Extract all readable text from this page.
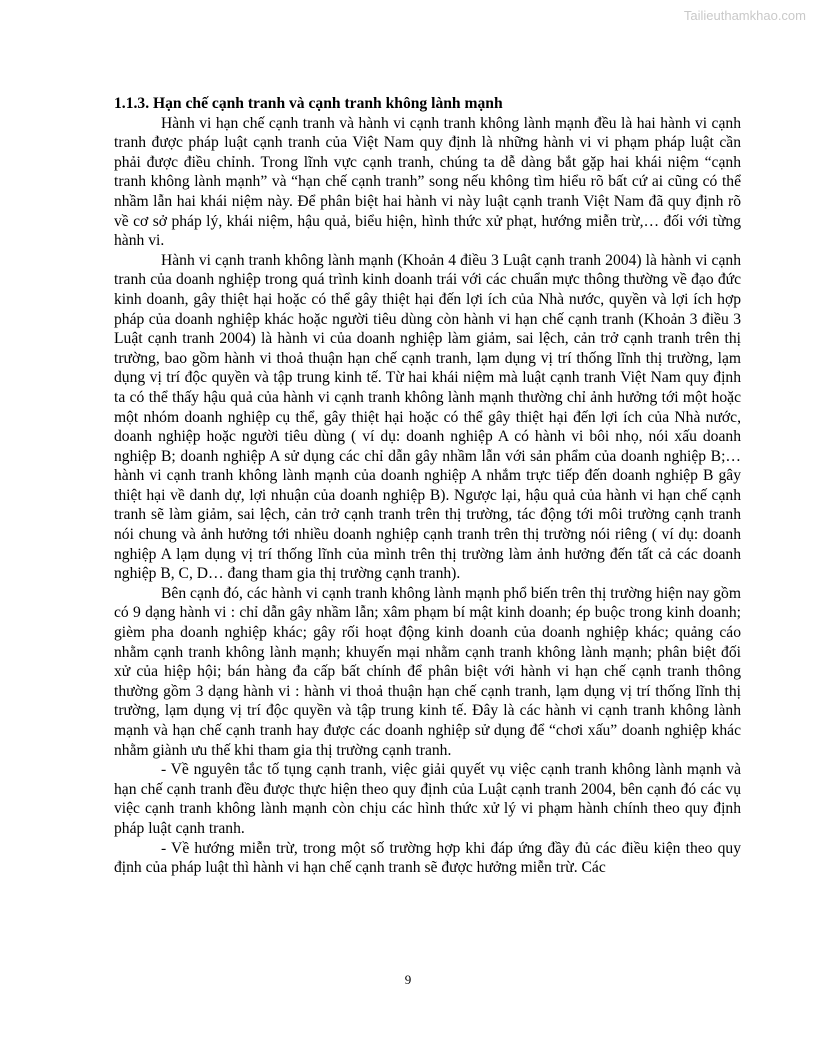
Tailieuthamkhao.com

1.1.3. Hạn chế cạnh tranh và cạnh tranh không lành mạnh

Hành vi hạn chế cạnh tranh và hành vi cạnh tranh không lành mạnh đều là hai hành vi cạnh tranh được pháp luật cạnh tranh của Việt Nam quy định là những hành vi vi phạm pháp luật cần phải được điều chỉnh. Trong lĩnh vực cạnh tranh, chúng ta dễ dàng bắt gặp hai khái niệm “cạnh tranh không lành mạnh” và “hạn chế cạnh tranh” song nếu không tìm hiểu rõ bất cứ ai cũng có thể nhầm lẫn hai khái niệm này. Để phân biệt hai hành vi này luật cạnh tranh Việt Nam đã quy định rõ về cơ sở pháp lý, khái niệm, hậu quả, biểu hiện, hình thức xử phạt, hướng miễn trừ,… đối với từng hành vi.

Hành vi cạnh tranh không lành mạnh (Khoản 4 điều 3 Luật cạnh tranh 2004) là hành vi cạnh tranh của doanh nghiệp trong quá trình kinh doanh trái với các chuẩn mực thông thường về đạo đức kinh doanh, gây thiệt hại hoặc có thể gây thiệt hại đến lợi ích của Nhà nước, quyền và lợi ích hợp pháp của doanh nghiệp khác hoặc người tiêu dùng còn hành vi hạn chế cạnh tranh (Khoản 3 điều 3 Luật cạnh tranh 2004) là hành vi của doanh nghiệp làm giảm, sai lệch, cản trở cạnh tranh trên thị trường, bao gồm hành vi thoả thuận hạn chế cạnh tranh, lạm dụng vị trí thống lĩnh thị trường, lạm dụng vị trí độc quyền và tập trung kinh tế. Từ hai khái niệm mà luật cạnh tranh Việt Nam quy định ta có thể thấy hậu quả của hành vi cạnh tranh không lành mạnh thường chỉ ảnh hưởng tới một hoặc một nhóm doanh nghiệp cụ thể, gây thiệt hại hoặc có thể gây thiệt hại đến lợi ích của Nhà nước, doanh nghiệp hoặc người tiêu dùng ( ví dụ: doanh nghiệp A có hành vi bôi nhọ, nói xấu doanh nghiệp B; doanh nghiệp A sử dụng các chỉ dẫn gây nhầm lẫn với sản phẩm của doanh nghiệp B;… hành vi cạnh tranh không lành mạnh của doanh nghiệp A nhắm trực tiếp đến doanh nghiệp B gây thiệt hại về danh dự, lợi nhuận của doanh nghiệp B). Ngược lại, hậu quả của hành vi hạn chế cạnh tranh sẽ làm giảm, sai lệch, cản trở cạnh tranh trên thị trường, tác động tới môi trường cạnh tranh nói chung và ảnh hưởng tới nhiều doanh nghiệp cạnh tranh trên thị trường nói riêng ( ví dụ: doanh nghiệp A lạm dụng vị trí thống lĩnh của mình trên thị trường làm ảnh hưởng đến tất cả các doanh nghiệp B, C, D… đang tham gia thị trường cạnh tranh).

Bên cạnh đó, các hành vi cạnh tranh không lành mạnh phổ biến trên thị trường hiện nay gồm có 9 dạng hành vi : chỉ dẫn gây nhầm lẫn; xâm phạm bí mật kinh doanh; ép buộc trong kinh doanh; gièm pha doanh nghiệp khác; gây rối hoạt động kinh doanh của doanh nghiệp khác; quảng cáo nhằm cạnh tranh không lành mạnh; khuyến mại nhằm cạnh tranh không lành mạnh; phân biệt đối xử của hiệp hội; bán hàng đa cấp bất chính để phân biệt với hành vi hạn chế cạnh tranh thông thường gồm 3 dạng hành vi : hành vi thoả thuận hạn chế cạnh tranh, lạm dụng vị trí thống lĩnh thị trường, lạm dụng vị trí độc quyền và tập trung kinh tế. Đây là các hành vi cạnh tranh không lành mạnh và hạn chế cạnh tranh hay được các doanh nghiệp sử dụng để “chơi xấu” doanh nghiệp khác nhằm giành ưu thế khi tham gia thị trường cạnh tranh.

- Về nguyên tắc tố tụng cạnh tranh, việc giải quyết vụ việc cạnh tranh không lành mạnh và hạn chế cạnh tranh đều được thực hiện theo quy định của Luật cạnh tranh 2004, bên cạnh đó các vụ việc cạnh tranh không lành mạnh còn chịu các hình thức xử lý vi phạm hành chính theo quy định pháp luật cạnh tranh.

- Về hướng miễn trừ, trong một số trường hợp khi đáp ứng đầy đủ các điều kiện theo quy định của pháp luật thì hành vi hạn chế cạnh tranh sẽ được hưởng miễn trừ. Các

9
